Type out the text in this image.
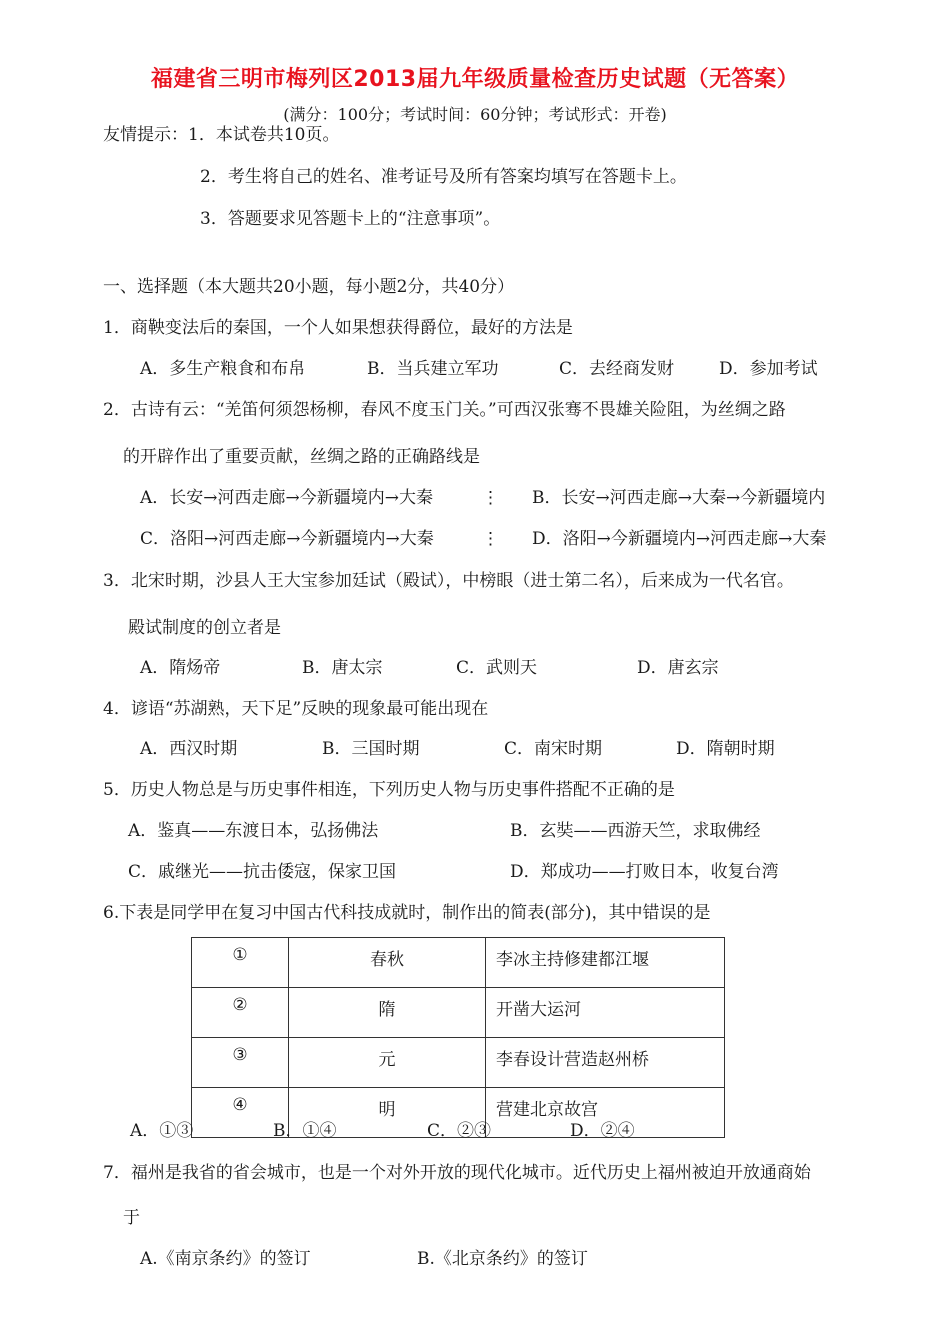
福建省三明市梅列区2013届九年级质量检查历史试题（无答案）
(满分：100分；考试时间：60分钟；考试形式：开卷)
友情提示：1．本试卷共10页。
2．考生将自己的姓名、准考证号及所有答案均填写在答题卡上。
3．答题要求见答题卡上的“注意事项”。
一、选择题（本大题共20小题，每小题2分，共40分）
1．商鞅变法后的秦国，一个人如果想获得爵位，最好的方法是
A．多生产粮食和布帛	B．当兵建立军功	C．去经商发财	D．参加考试
2．古诗有云：“羌笛何须怨杨柳，春风不度玉门关。”可西汉张骞不畏雄关险阻，为丝绸之路
的开辟作出了重要贡献，丝绸之路的正确路线是
A．长安→河西走廊→今新疆境内→大秦	⋮ B．长安→河西走廊→大秦→今新疆境内
C．洛阳→河西走廊→今新疆境内→大秦	⋮ D．洛阳→今新疆境内→河西走廊→大秦
3．北宋时期，沙县人王大宝参加廷试（殿试），中榜眼（进士第二名），后来成为一代名官。
殿试制度的创立者是
A．隋炀帝	B．唐太宗	C．武则天	D．唐玄宗
4．谚语“苏湖熟，天下足”反映的现象最可能出现在
A．西汉时期	B．三国时期	C．南宋时期	D．隋朝时期
5．历史人物总是与历史事件相连，下列历史人物与历史事件搭配不正确的是
A．鉴真——东渡日本，弘扬佛法	B．玄奘——西游天竺，求取佛经
C．戚继光——抗击倭寇，保家卫国	D．郑成功——打败日本，收复台湾
6.下表是同学甲在复习中国古代科技成就时，制作出的简表(部分)，其中错误的是
①	春秋	李冰主持修建都江堰
②	隋	开凿大运河
③	元	李春设计营造赵州桥
④	明	营建北京故宫
A．①③	B．①④	C．②③	D．②④
7．福州是我省的省会城市，也是一个对外开放的现代化城市。近代历史上福州被迫开放通商始
于
A.《南京条约》的签订	B.《北京条约》的签订
